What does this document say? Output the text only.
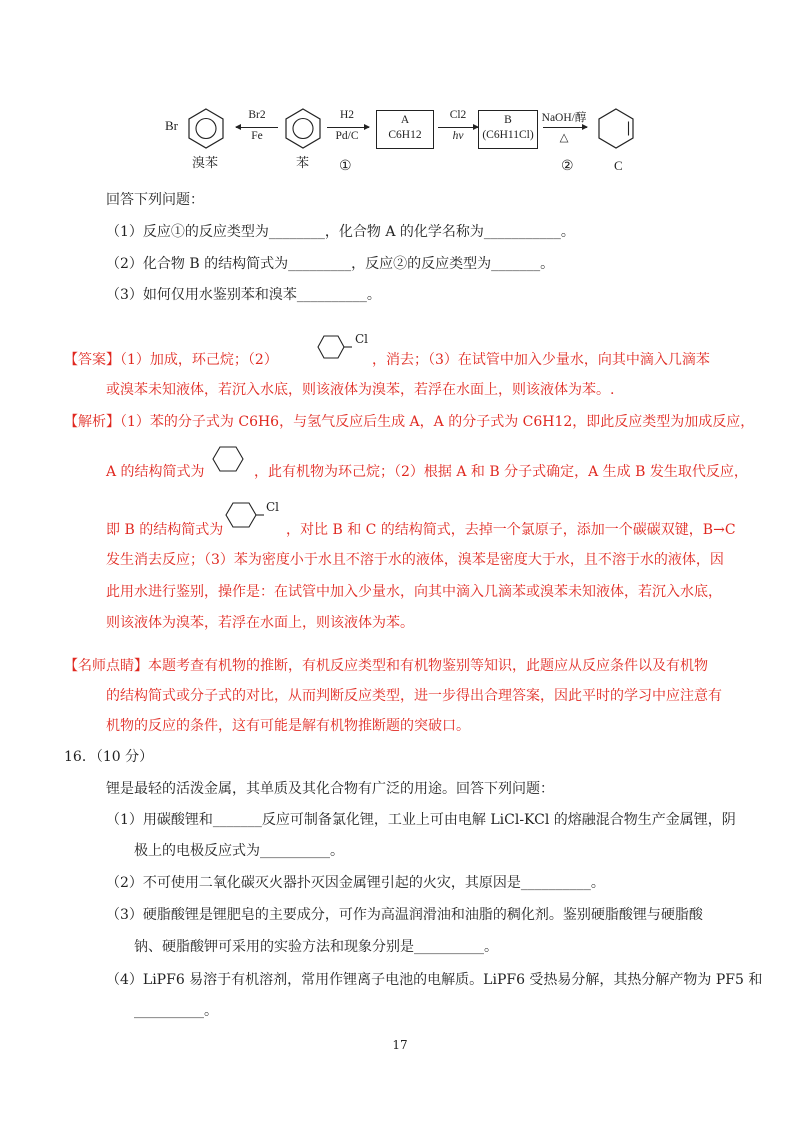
Br
溴苯
Br2
Fe
苯
H2
Pd/C
①
A
C6H12
Cl2
hν
B
(C6H11Cl)
NaOH/醇
△
②	C
回答下列问题：
（1）反应①的反应类型为________，化合物 A 的化学名称为___________。
（2）化合物 B 的结构简式为_________，反应②的反应类型为_______。
（3）如何仅用水鉴别苯和溴苯__________。
【答案】（1）加成，环己烷；（2）
Cl
，消去；（3）在试管中加入少量水，向其中滴入几滴苯
或溴苯未知液体，若沉入水底，则该液体为溴苯，若浮在水面上，则该液体为苯。.
【解析】（1）苯的分子式为 C6H6，与氢气反应后生成 A，A 的分子式为 C6H12，即此反应类型为加成反应，
A 的结构简式为	，此有机物为环己烷；（2）根据 A 和 B 分子式确定，A 生成 B 发生取代反应，
即 B 的结构简式为
Cl
，对比 B 和 C 的结构简式，去掉一个氯原子，添加一个碳碳双键，B→C
发生消去反应；（3）苯为密度小于水且不溶于水的液体，溴苯是密度大于水，且不溶于水的液体，因
此用水进行鉴别，操作是：在试管中加入少量水，向其中滴入几滴苯或溴苯未知液体，若沉入水底，
则该液体为溴苯，若浮在水面上，则该液体为苯。
【名师点睛】本题考查有机物的推断，有机反应类型和有机物鉴别等知识，此题应从反应条件以及有机物
的结构简式或分子式的对比，从而判断反应类型，进一步得出合理答案，因此平时的学习中应注意有
机物的反应的条件，这有可能是解有机物推断题的突破口。
16．（10 分）
锂是最轻的活泼金属，其单质及其化合物有广泛的用途。回答下列问题：
（1）用碳酸锂和_______反应可制备氯化锂，工业上可由电解 LiCl-KCl 的熔融混合物生产金属锂，阴
极上的电极反应式为__________。
（2）不可使用二氧化碳灭火器扑灭因金属锂引起的火灾，其原因是__________。
（3）硬脂酸锂是锂肥皂的主要成分，可作为高温润滑油和油脂的稠化剂。鉴别硬脂酸锂与硬脂酸
钠、硬脂酸钾可采用的实验方法和现象分别是__________。
（4）LiPF6 易溶于有机溶剂，常用作锂离子电池的电解质。LiPF6 受热易分解，其热分解产物为 PF5 和
__________。
17
